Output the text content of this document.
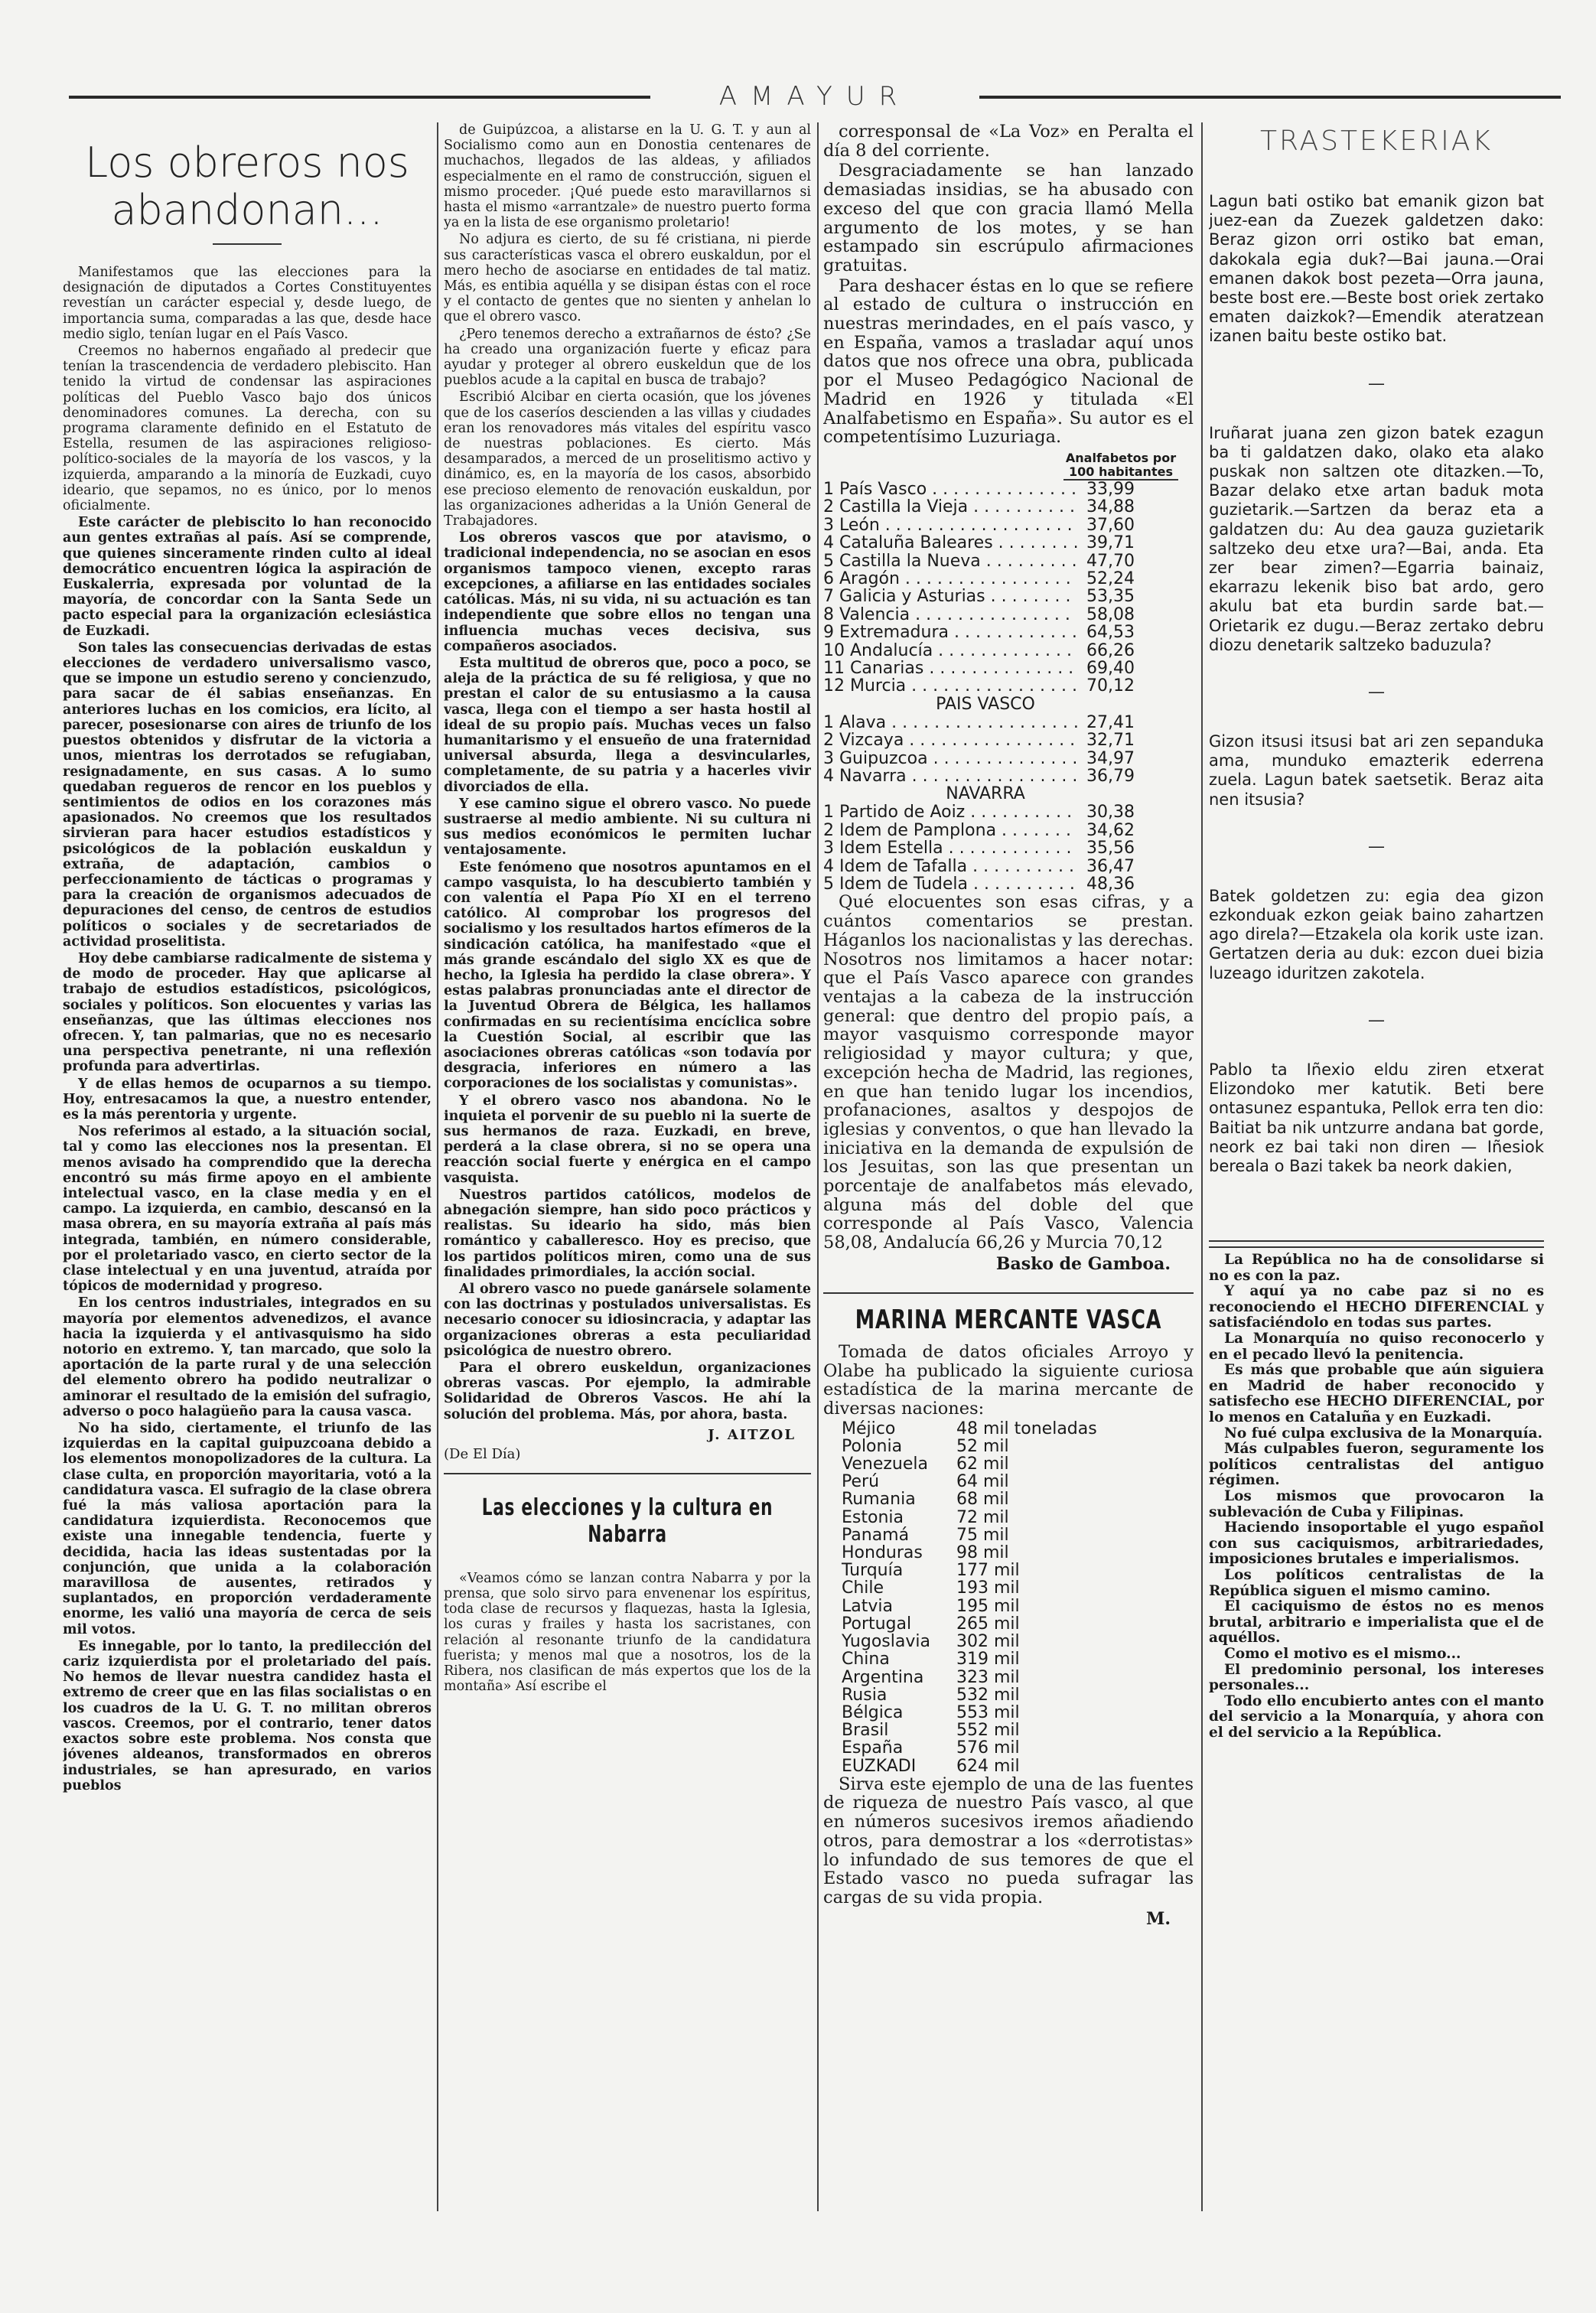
AMAYUR
Los obreros nos abandonan...

Manifestamos que las elecciones para la designación de diputados a Cortes Constituyentes revestían un carácter especial y, desde luego, de importancia suma, comparadas a las que, desde hace medio siglo, tenían lugar en el País Vasco.

Creemos no habernos engañado al predecir que tenían la trascendencia de verdadero plebiscito. Han tenido la virtud de condensar las aspiraciones políticas del Pueblo Vasco bajo dos únicos denominadores comunes. La derecha, con su programa claramente definido en el Estatuto de Estella, resumen de las aspiraciones religioso-político-sociales de la mayoría de los vascos, y la izquierda, amparando a la minoría de Euzkadi, cuyo ideario, que sepamos, no es único, por lo menos oficialmente.

Este carácter de plebiscito lo han reconocido aun gentes extrañas al país. Así se comprende, que quienes sinceramente rinden culto al ideal democrático encuentren lógica la aspiración de Euskalerria, expresada por voluntad de la mayoría, de concordar con la Santa Sede un pacto especial para la organización eclesiástica de Euzkadi.

Son tales las consecuencias derivadas de estas elecciones de verdadero universalismo vasco, que se impone un estudio sereno y concienzudo, para sacar de él sabias enseñanzas. En anteriores luchas en los comicios, era lícito, al parecer, posesionarse con aires de triunfo de los puestos obtenidos y disfrutar de la victoria a unos, mientras los derrotados se refugiaban, resignadamente, en sus casas. A lo sumo quedaban regueros de rencor en los pueblos y sentimientos de odios en los corazones más apasionados. No creemos que los resultados sirvieran para hacer estudios estadísticos y psicológicos de la población euskaldun y extraña, de adaptación, cambios o perfeccionamiento de tácticas o programas y para la creación de organismos adecuados de depuraciones del censo, de centros de estudios políticos o sociales y de secretariados de actividad proselitista.

Hoy debe cambiarse radicalmente de sistema y de modo de proceder. Hay que aplicarse al trabajo de estudios estadísticos, psicológicos, sociales y políticos. Son elocuentes y varias las enseñanzas, que las últimas elecciones nos ofrecen. Y, tan palmarias, que no es necesario una perspectiva penetrante, ni una reflexión profunda para advertirlas.

Y de ellas hemos de ocuparnos a su tiempo. Hoy, entresacamos la que, a nuestro entender, es la más perentoria y urgente.

Nos referimos al estado, a la situación social, tal y como las elecciones nos la presentan. El menos avisado ha comprendido que la derecha encontró su más firme apoyo en el ambiente intelectual vasco, en la clase media y en el campo. La izquierda, en cambio, descansó en la masa obrera, en su mayoría extraña al país más integrada, también, en número considerable, por el proletariado vasco, en cierto sector de la clase intelectual y en una juventud, atraída por tópicos de modernidad y progreso.

En los centros industriales, integrados en su mayoría por elementos advenedizos, el avance hacia la izquierda y el antivasquismo ha sido notorio en extremo. Y, tan marcado, que solo la aportación de la parte rural y de una selección del elemento obrero ha podido neutralizar o aminorar el resultado de la emisión del sufragio, adverso o poco halagüeño para la causa vasca.

No ha sido, ciertamente, el triunfo de las izquierdas en la capital guipuzcoana debido a los elementos monopolizadores de la cultura. La clase culta, en proporción mayoritaria, votó a la candidatura vasca. El sufragio de la clase obrera fué la más valiosa aportación para la candidatura izquierdista. Reconocemos que existe una innegable tendencia, fuerte y decidida, hacia las ideas sustentadas por la conjunción, que unida a la colaboración maravillosa de ausentes, retirados y suplantados, en proporción verdaderamente enorme, les valió una mayoría de cerca de seis mil votos.

Es innegable, por lo tanto, la predilección del cariz izquierdista por el proletariado del país. No hemos de llevar nuestra candidez hasta el extremo de creer que en las filas socialistas o en los cuadros de la U. G. T. no militan obreros vascos. Creemos, por el contrario, tener datos exactos sobre este problema. Nos consta que jóvenes aldeanos, transformados en obreros industriales, se han apresurado, en varios pueblos

de Guipúzcoa, a alistarse en la U. G. T. y aun al Socialismo como aun en Donostia centenares de muchachos, llegados de las aldeas, y afiliados especialmente en el ramo de construcción, siguen el mismo proceder. ¡Qué puede esto maravillarnos si hasta el mismo «arrantzale» de nuestro puerto forma ya en la lista de ese organismo proletario!

No adjura es cierto, de su fé cristiana, ni pierde sus características vasca el obrero euskaldun, por el mero hecho de asociarse en entidades de tal matiz. Más, es entibia aquélla y se disipan éstas con el roce y el contacto de gentes que no sienten y anhelan lo que el obrero vasco.

¿Pero tenemos derecho a extrañarnos de ésto? ¿Se ha creado una organización fuerte y eficaz para ayudar y proteger al obrero euskeldun que de los pueblos acude a la capital en busca de trabajo?

Escribió Alcibar en cierta ocasión, que los jóvenes que de los caseríos descienden a las villas y ciudades eran los renovadores más vitales del espíritu vasco de nuestras poblaciones. Es cierto. Más desamparados, a merced de un proselitismo activo y dinámico, es, en la mayoría de los casos, absorbido ese precioso elemento de renovación euskaldun, por las organizaciones adheridas a la Unión General de Trabajadores.

Los obreros vascos que por atavismo, o tradicional independencia, no se asocian en esos organismos tampoco vienen, excepto raras excepciones, a afiliarse en las entidades sociales católicas. Más, ni su vida, ni su actuación es tan independiente que sobre ellos no tengan una influencia muchas veces decisiva, sus compañeros asociados.

Esta multitud de obreros que, poco a poco, se aleja de la práctica de su fé religiosa, y que no prestan el calor de su entusiasmo a la causa vasca, llega con el tiempo a ser hasta hostil al ideal de su propio país. Muchas veces un falso humanitarismo y el ensueño de una fraternidad universal absurda, llega a desvincularles, completamente, de su patria y a hacerles vivir divorciados de ella.

Y ese camino sigue el obrero vasco. No puede sustraerse al medio ambiente. Ni su cultura ni sus medios económicos le permiten luchar ventajosamente.

Este fenómeno que nosotros apuntamos en el campo vasquista, lo ha descubierto también y con valentía el Papa Pío XI en el terreno católico. Al comprobar los progresos del socialismo y los resultados hartos efímeros de la sindicación católica, ha manifestado «que el más grande escándalo del siglo XX es que de hecho, la Iglesia ha perdido la clase obrera». Y estas palabras pronunciadas ante el director de la Juventud Obrera de Bélgica, les hallamos confirmadas en su recientísima encíclica sobre la Cuestión Social, al escribir que las asociaciones obreras católicas «son todavía por desgracia, inferiores en número a las corporaciones de los socialistas y comunistas».

Y el obrero vasco nos abandona. No le inquieta el porvenir de su pueblo ni la suerte de sus hermanos de raza. Euzkadi, en breve, perderá a la clase obrera, si no se opera una reacción social fuerte y enérgica en el campo vasquista.

Nuestros partidos católicos, modelos de abnegación siempre, han sido poco prácticos y realistas. Su ideario ha sido, más bien romántico y caballeresco. Hoy es preciso, que los partidos políticos miren, como una de sus finalidades primordiales, la acción social.

Al obrero vasco no puede ganársele solamente con las doctrinas y postulados universalistas. Es necesario conocer su idiosincracia, y adaptar las organizaciones obreras a esta peculiaridad psicológica de nuestro obrero.

Para el obrero euskeldun, organizaciones obreras vascas. Por ejemplo, la admirable Solidaridad de Obreros Vascos. He ahí la solución del problema. Más, por ahora, basta.

J. AITZOL
(De El Día)
Las elecciones y la cultura en Nabarra
«Veamos cómo se lanzan contra Nabarra y por la prensa, que solo sirvo para envenenar los espíritus, toda clase de recursos y flaquezas, hasta la Iglesia, los curas y frailes y hasta los sacristanes, con relación al resonante triunfo de la candidatura fuerista; y menos mal que a nosotros, los de la Ribera, nos clasifican de más expertos que los de la montaña» Así escribe el

corresponsal de «La Voz» en Peralta el día 8 del corriente.

Desgraciadamente se han lanzado demasiadas insidias, se ha abusado con exceso del que con gracia llamó Mella argumento de los motes, y se han estampado sin escrúpulo afirmaciones gratuitas.

Para deshacer éstas en lo que se refiere al estado de cultura o instrucción en nuestras merindades, en el país vasco, y en España, vamos a trasladar aquí unos datos que nos ofrece una obra, publicada por el Museo Pedagógico Nacional de Madrid en 1926 y titulada «El Analfabetismo en España». Su autor es el competentísimo Luzuriaga.

Analfabetos por 100 habitantes
1 País Vasco . . .	33,99
2 Castilla la Vieja . . .	34,88
3 León . . .	37,60
4 Cataluña Baleares . . .	39,71
5 Castilla la Nueva . . .	47,70
6 Aragón . . .	52,24
7 Galicia y Asturias . . .	53,35
8 Valencia . . .	58,08
9 Extremadura . . .	64,53
10 Andalucía . . .	66,26
11 Canarias . . .	69,40
12 Murcia . . .	70,12
PAIS VASCO
1 Alava . . .	27,41
2 Vizcaya . . .	32,71
3 Guipuzcoa . . .	34,97
4 Navarra . . .	36,79
NAVARRA
1 Partido de Aoiz . . .	30,38
2 Idem de Pamplona . . .	34,62
3 Idem Estella . . .	35,56
4 Idem de Tafalla . . .	36,47
5 Idem de Tudela . . .	48,36
Qué elocuentes son esas cifras, y a cuántos comentarios se prestan. Háganlos los nacionalistas y las derechas. Nosotros nos limitamos a hacer notar: que el País Vasco aparece con grandes ventajas a la cabeza de la instrucción general: que dentro del propio país, a mayor vasquismo corresponde mayor religiosidad y mayor cultura; y que, excepción hecha de Madrid, las regiones, en que han tenido lugar los incendios, profanaciones, asaltos y despojos de iglesias y conventos, o que han llevado la iniciativa en la demanda de expulsión de los Jesuitas, son las que presentan un porcentaje de analfabetos más elevado, alguna más del doble del que corresponde al País Vasco, Valencia 58,08, Andalucía 66,26 y Murcia 70,12
Basko de Gamboa.
MARINA MERCANTE VASCA
Tomada de datos oficiales Arroyo y Olabe ha publicado la siguiente curiosa estadística de la marina mercante de diversas naciones:
Méjico	48 mil toneladas
Polonia	52 mil
Venezuela	62 mil
Perú	64 mil
Rumania	68 mil
Estonia	72 mil
Panamá	75 mil
Honduras	98 mil
Turquía	177 mil
Chile	193 mil
Latvia	195 mil
Portugal	265 mil
Yugoslavia	302 mil
China	319 mil
Argentina	323 mil
Rusia	532 mil
Bélgica	553 mil
Brasil	552 mil
España	576 mil
EUZKADI	624 mil
Sirva este ejemplo de una de las fuentes de riqueza de nuestro País vasco, al que en números sucesivos iremos añadiendo otros, para demostrar a los «derrotistas» lo infundado de sus temores de que el Estado vasco no pueda sufragar las cargas de su vida propia.
M.
TRASTEKERIAK

Lagun bati ostiko bat emanik gizon bat juez-ean da Zuezek galdetzen dako: Beraz gizon orri ostiko bat eman, dakokala egia duk?—Bai jauna.—Orai emanen dakok bost pezeta—Orra jauna, beste bost ere.—Beste bost oriek zertako ematen daizkok?—Emendik ateratzean izanen baitu beste ostiko bat.

—

Iruñarat juana zen gizon batek ezagun ba ti galdatzen dako, olako eta alako puskak non saltzen ote ditazken.—To, Bazar delako etxe artan baduk mota guzietarik.—Sartzen da beraz eta a galdatzen du: Au dea gauza guzietarik saltzeko deu etxe ura?—Bai, anda. Eta zer bear zimen?—Egarria bainaiz, ekarrazu lekenik biso bat ardo, gero akulu bat eta burdin sarde bat.—Orietarik ez dugu.—Beraz zertako debru diozu denetarik saltzeko baduzula?

—

Gizon itsusi itsusi bat ari zen sepanduka ama, munduko emazterik ederrena zuela. Lagun batek saetsetik. Beraz aita nen itsusia?

—

Batek goldetzen zu: egia dea gizon ezkonduak ezkon geiak baino zahartzen ago direla?—Etzakela ola korik uste izan. Gertatzen deria au duk: ezcon duei bizia luzeago iduritzen zakotela.

—

Pablo ta Iñexio eldu ziren etxerat Elizondoko mer katutik. Beti bere ontasunez espantuka, Pellok erra ten dio: Baitiat ba nik untzurre andana bat gorde, neork ez bai taki non diren — Iñesiok bereala o Bazi takek ba neork dakien,

La República no ha de consolidarse si no es con la paz.

Y aquí ya no cabe paz si no es reconociendo el HECHO DIFERENCIAL y satisfaciéndolo en todas sus partes.

La Monarquía no quiso reconocerlo y en el pecado llevó la penitencia.

Es más que probable que aún siguiera en Madrid de haber reconocido y satisfecho ese HECHO DIFERENCIAL, por lo menos en Cataluña y en Euzkadi.

No fué culpa exclusiva de la Monarquía.

Más culpables fueron, seguramente los políticos centralistas del antiguo régimen.

Los mismos que provocaron la sublevación de Cuba y Filipinas.

Haciendo insoportable el yugo español con sus caciquismos, arbitrariedades, imposiciones brutales e imperialismos.

Los políticos centralistas de la República siguen el mismo camino.

El caciquismo de éstos no es menos brutal, arbitrario e imperialista que el de aquéllos.

Como el motivo es el mismo...

El predominio personal, los intereses personales...

Todo ello encubierto antes con el manto del servicio a la Monarquía, y ahora con el del servicio a la República.
